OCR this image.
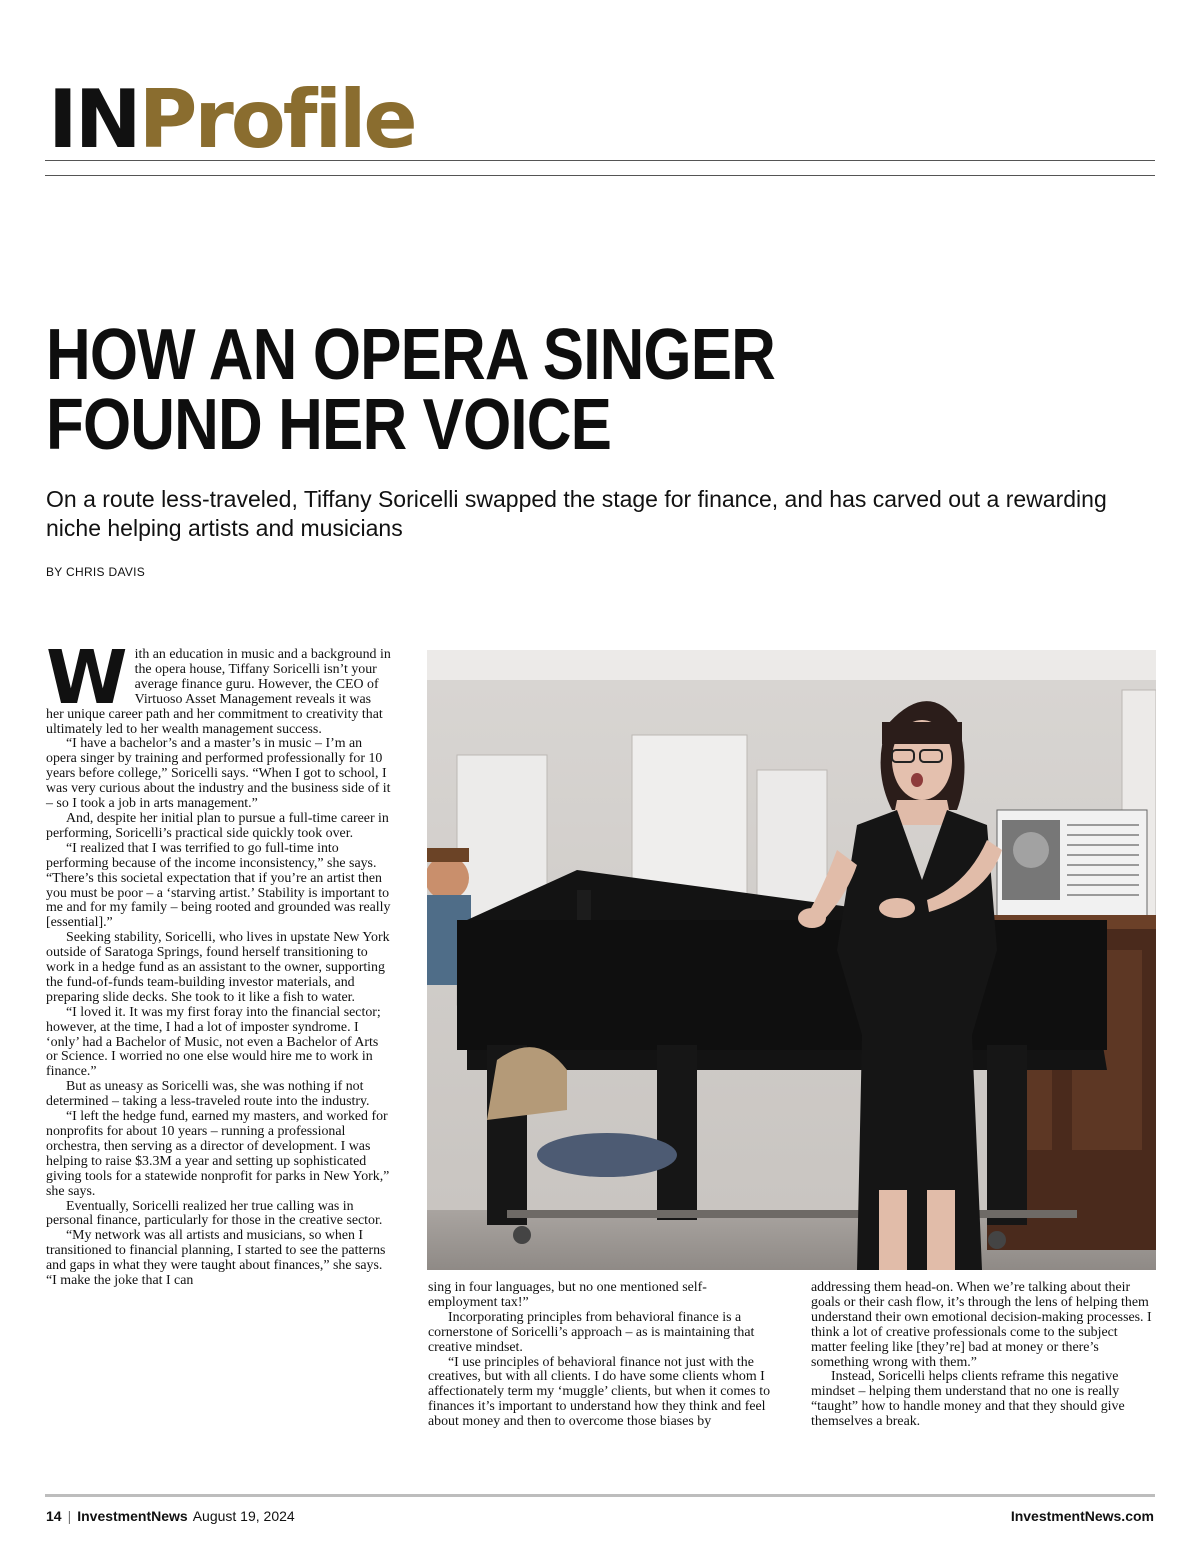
INProfile
HOW AN OPERA SINGER FOUND HER VOICE
On a route less-traveled, Tiffany Soricelli swapped the stage for finance, and has carved out a rewarding niche helping artists and musicians
BY CHRIS DAVIS

With an education in music and a background in the opera house, Tiffany Soricelli isn’t your average finance guru. However, the CEO of Virtuoso Asset Management reveals it was her unique career path and her commitment to creativity that ultimately led to her wealth management success.

“I have a bachelor’s and a master’s in music – I’m an opera singer by training and performed professionally for 10 years before college,” Soricelli says. “When I got to school, I was very curious about the industry and the business side of it – so I took a job in arts management.”

And, despite her initial plan to pursue a full-time career in performing, Soricelli’s practical side quickly took over.

“I realized that I was terrified to go full-time into performing because of the income inconsistency,” she says. “There’s this societal expectation that if you’re an artist then you must be poor – a ‘starving artist.’ Stability is important to me and for my family – being rooted and grounded was really [essential].”

Seeking stability, Soricelli, who lives in upstate New York outside of Saratoga Springs, found herself transitioning to work in a hedge fund as an assistant to the owner, supporting the fund-of-funds team-building investor materials, and preparing slide decks. She took to it like a fish to water.

“I loved it. It was my first foray into the financial sector; however, at the time, I had a lot of imposter syndrome. I ‘only’ had a Bachelor of Music, not even a Bachelor of Arts or Science. I worried no one else would hire me to work in finance.”

But as uneasy as Soricelli was, she was nothing if not determined – taking a less-traveled route into the industry.

“I left the hedge fund, earned my masters, and worked for nonprofits for about 10 years – running a professional orchestra, then serving as a director of development. I was helping to raise $3.3M a year and setting up sophisticated giving tools for a statewide nonprofit for parks in New York,” she says.

Eventually, Soricelli realized her true calling was in personal finance, particularly for those in the creative sector.

“My network was all artists and musicians, so when I transitioned to financial planning, I started to see the patterns and gaps in what they were taught about finances,” she says. “I make the joke that I can	sing in four languages, but no one mentioned self-employment tax!”

Incorporating principles from behavioral finance is a cornerstone of Soricelli’s approach – as is maintaining that creative mindset.

“I use principles of behavioral finance not just with the creatives, but with all clients. I do have some clients whom I affectionately term my ‘muggle’ clients, but when it comes to finances it’s important to understand how they think and feel about money and then to overcome those biases by

addressing them head-on. When we’re talking about their goals or their cash flow, it’s through the lens of helping them understand their own emotional decision-making processes. I think a lot of creative professionals come to the subject matter feeling like [they’re] bad at money or there’s something wrong with them.”

Instead, Soricelli helps clients reframe this negative mindset – helping them understand that no one is really “taught” how to handle money and that they should give themselves a break.

14 | InvestmentNews August 19, 2024	InvestmentNews.com
